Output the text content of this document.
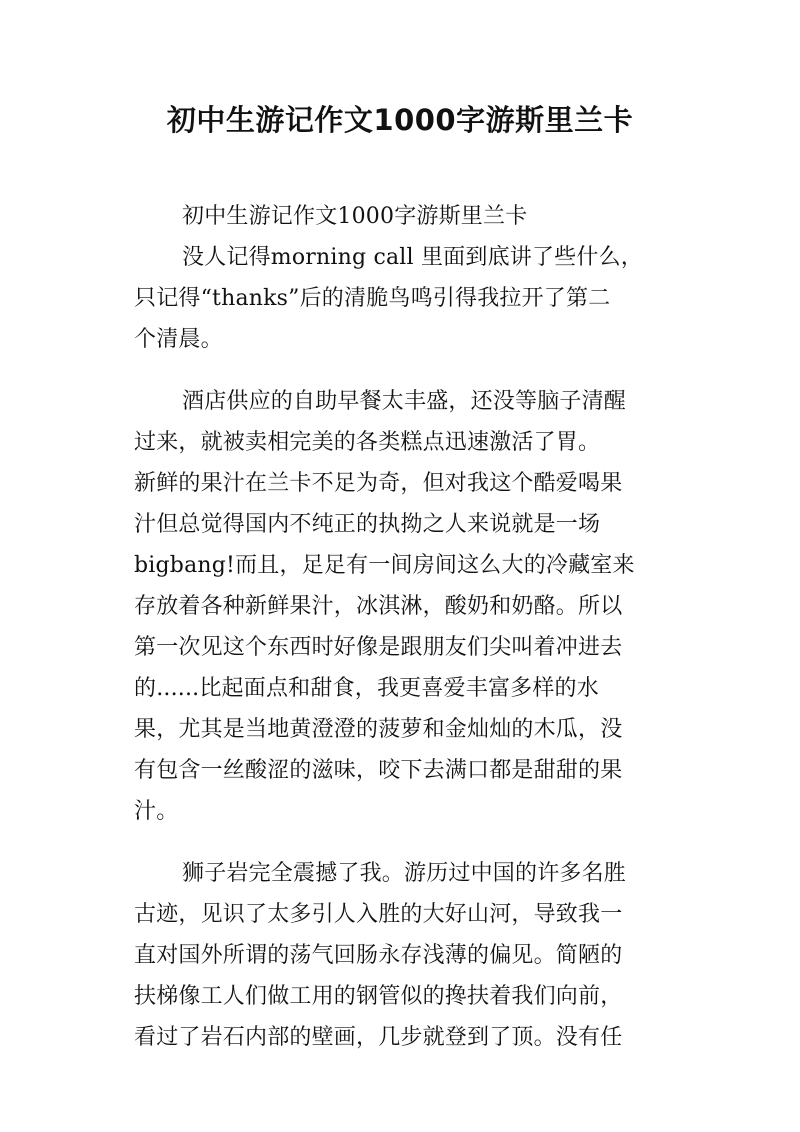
初中生游记作文1000字游斯里兰卡
初中生游记作文1000字游斯里兰卡
没人记得morning call 里面到底讲了些什么，
只记得“thanks”后的清脆鸟鸣引得我拉开了第二
个清晨。
酒店供应的自助早餐太丰盛，还没等脑子清醒
过来，就被卖相完美的各类糕点迅速激活了胃。
新鲜的果汁在兰卡不足为奇，但对我这个酷爱喝果
汁但总觉得国内不纯正的执拗之人来说就是一场
bigbang!而且，足足有一间房间这么大的冷藏室来
存放着各种新鲜果汁，冰淇淋，酸奶和奶酪。所以
第一次见这个东西时好像是跟朋友们尖叫着冲进去
的......比起面点和甜食，我更喜爱丰富多样的水
果，尤其是当地黄澄澄的菠萝和金灿灿的木瓜，没
有包含一丝酸涩的滋味，咬下去满口都是甜甜的果
汁。
狮子岩完全震撼了我。游历过中国的许多名胜
古迹，见识了太多引人入胜的大好山河，导致我一
直对国外所谓的荡气回肠永存浅薄的偏见。简陋的
扶梯像工人们做工用的钢管似的搀扶着我们向前，
看过了岩石内部的壁画，几步就登到了顶。没有任
